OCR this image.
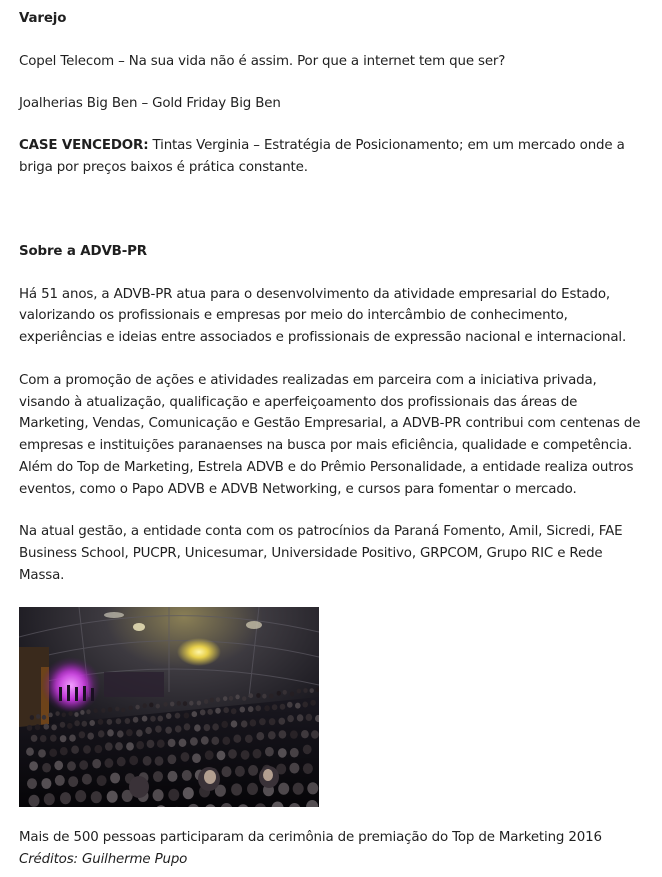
Varejo

Copel Telecom – Na sua vida não é assim. Por que a internet tem que ser?

Joalherias Big Ben – Gold Friday Big Ben

CASE VENCEDOR: Tintas Verginia – Estratégia de Posicionamento; em um mercado onde a

briga por preços baixos é prática constante.

Sobre a ADVB-PR

Há 51 anos, a ADVB-PR atua para o desenvolvimento da atividade empresarial do Estado,

valorizando os profissionais e empresas por meio do intercâmbio de conhecimento,

experiências e ideias entre associados e profissionais de expressão nacional e internacional.

Com a promoção de ações e atividades realizadas em parceira com a iniciativa privada,

visando à atualização, qualificação e aperfeiçoamento dos profissionais das áreas de

Marketing, Vendas, Comunicação e Gestão Empresarial, a ADVB-PR contribui com centenas de

empresas e instituições paranaenses na busca por mais eficiência, qualidade e competência.

Além do Top de Marketing, Estrela ADVB e do Prêmio Personalidade, a entidade realiza outros

eventos, como o Papo ADVB e ADVB Networking, e cursos para fomentar o mercado.

Na atual gestão, a entidade conta com os patrocínios da Paraná Fomento, Amil, Sicredi, FAE

Business School, PUCPR, Unicesumar, Universidade Positivo, GRPCOM, Grupo RIC e Rede

Massa.

Mais de 500 pessoas participaram da cerimônia de premiação do Top de Marketing 2016

Créditos: Guilherme Pupo
